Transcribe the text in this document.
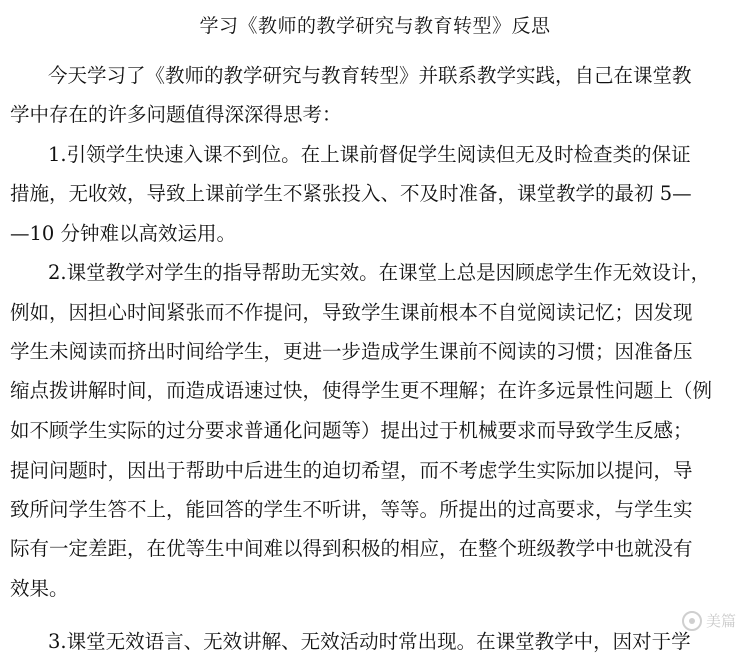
学习《教师的教学研究与教育转型》反思
今天学习了《教师的教学研究与教育转型》并联系教学实践，自己在课堂教
学中存在的许多问题值得深深得思考：
1.引领学生快速入课不到位。在上课前督促学生阅读但无及时检查类的保证
措施，无收效，导致上课前学生不紧张投入、不及时准备，课堂教学的最初 5—
—10 分钟难以高效运用。
2.课堂教学对学生的指导帮助无实效。在课堂上总是因顾虑学生作无效设计，
例如，因担心时间紧张而不作提问，导致学生课前根本不自觉阅读记忆；因发现
学生未阅读而挤出时间给学生，更进一步造成学生课前不阅读的习惯；因准备压
缩点拨讲解时间，而造成语速过快，使得学生更不理解；在许多远景性问题上（例
如不顾学生实际的过分要求普通化问题等）提出过于机械要求而导致学生反感；
提问问题时，因出于帮助中后进生的迫切希望，而不考虑学生实际加以提问，导
致所问学生答不上，能回答的学生不听讲，等等。所提出的过高要求，与学生实
际有一定差距，在优等生中间难以得到积极的相应，在整个班级教学中也就没有
效果。
3.课堂无效语言、无效讲解、无效活动时常出现。在课堂教学中，因对于学
美篇
